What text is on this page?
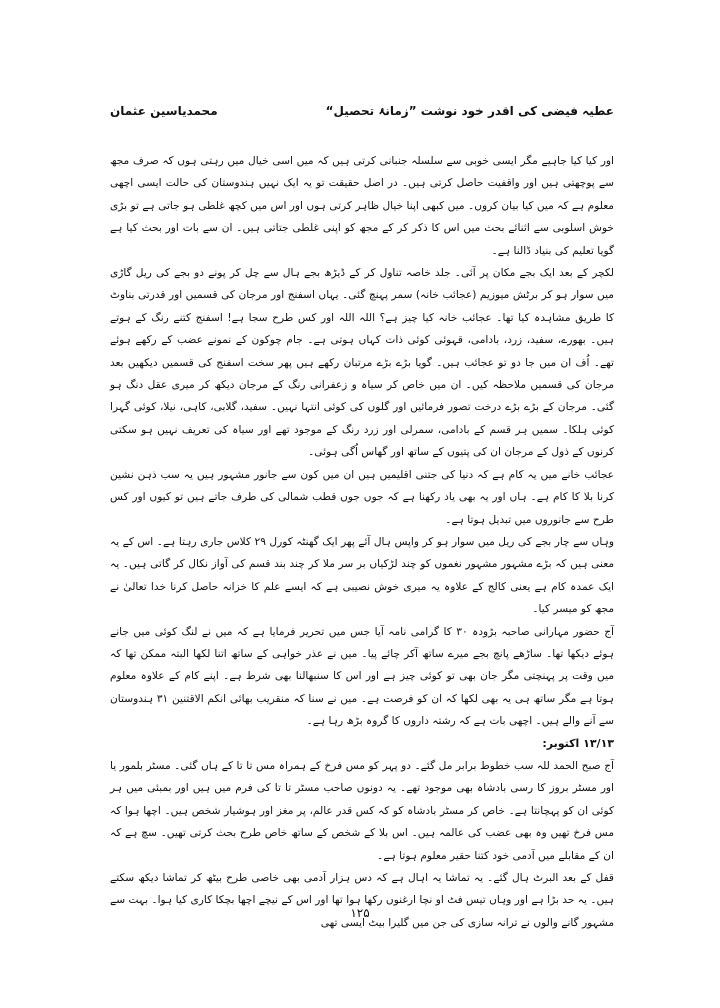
محمدیاسین عثمان	عطیہ فیضی کی اقدر خود نوشت ”زمانۂ تحصیل“

اور کیا کیا جاہیے مگر ایسی خوبی سے سلسلہ جنبانی کرتی ہیں کہ میں اسی خیال میں رہتی ہوں کہ صرف مجھ سے پوچھتی ہیں اور واقفیت حاصل کرتی ہیں۔ در اصل حقیقت تو یہ ایک نہیں ہندوستان کی حالت ایسی اچھی معلوم ہے کہ میں کیا بیان کروں۔ میں کبھی اپنا خیال ظاہر کرتی ہوں اور اس میں کچھ غلطی ہو جاتی ہے تو بڑی خوش اسلوبی سے اثنائے بحث میں اس کا ذکر کر کے مجھ کو اپنی غلطی جتاتی ہیں۔ ان سے بات اور بحث کیا ہے گویا تعلیم کی بنیاد ڈالنا ہے۔

لکچر کے بعد ایک بجے مکان پر آئی۔ جلد خاصہ تناول کر کے ڈیڑھ بجے ہال سے چل کر پونے دو بجے کی ریل گاڑی میں سوار ہو کر برٹش میوزیم (عجائب خانہ) سمر پہنچ گئی۔ یہاں اسفنج اور مرجان کی قسمیں اور قدرتی بناوٹ کا طریق مشاہدہ کیا تھا۔ عجائب خانہ کیا چیز ہے؟ اللہ اللہ اور کس طرح سجا ہے! اسفنج کتنے رنگ کے ہوتے ہیں۔ بھورے، سفید، زرد، بادامی، قہوئی کوئی ذات کہاں ہوتی ہے۔ جام چوکون کے نمونے عضب کے رکھے ہوئے تھے۔ اُف ان میں جا دو تو عجائب ہیں۔ گویا بڑے بڑے مرتبان رکھے ہیں پھر سخت اسفنج کی قسمیں دیکھیں بعد مرجان کی قسمیں ملاحظہ کیں۔ ان میں خاص کر سیاہ و زعفرانی رنگ کے مرجان دیکھ کر میری عقل دنگ ہو گئی۔ مرجان کے بڑے بڑے درخت تصور فرمائیں اور گلوں کی کوئی انتہا نہیں۔ سفید، گلابی، کاہی، نیلا، کوئی گہرا کوئی ہلکا۔ سمیں ہر قسم کے بادامی، سمرلی اور زرد رنگ کے موجود تھے اور سیاہ کی تعریف نہیں ہو سکتی کرنوں کے ذول کے مرجان ان کی پتیوں کے ساتھ اور گھاس اُگی ہوئی۔

عجائب خانے میں یہ کام ہے کہ دنیا کی جتنی اقلیمیں ہیں ان میں کون سے جانور مشہور ہیں یہ سب ذہن نشین کرنا بلا کا کام ہے۔ ہاں اور یہ بھی یاد رکھنا ہے کہ جوں جوں قطب شمالی کی طرف جاتے ہیں تو کیوں اور کس طرح سے جانوروں میں تبدیل ہوتا ہے۔

وہاں سے چار بجے کی ریل میں سوار ہو کر واپس ہال آئے پھر ایک گھنٹہ کورل ۲۹ کلاس جاری رہتا ہے۔ اس کے یہ معنی ہیں کہ بڑے مشہور مشہور نغموں کو چند لڑکیاں بر سر ملا کر چند بند قسم کی آواز نکال کر گاتی ہیں۔ یہ ایک عمدہ کام ہے یعنی کالج کے علاوہ یہ میری خوش نصیبی ہے کہ ایسے علم کا خزانہ حاصل کرنا خدا تعالیٰ نے مجھ کو میسر کیا۔

آج حضور مہارانی صاحبہ بڑودہ ۳۰ کا گرامی نامہ آیا جس میں تحریر فرمایا ہے کہ میں نے لنگ کوئی میں جانے ہوئے دیکھا تھا۔ ساڑھے پانچ بجے میرے ساتھ آکر چائے پیا۔ میں نے عذر خواہی کے ساتھ اتنا لکھا البتہ ممکن تھا کہ میں وقت پر پہنچتی مگر جان بھی تو کوئی چیز ہے اور اس کا سنبھالنا بھی شرط ہے۔ اپنے کام کے علاوہ معلوم ہوتا ہے مگر ساتھ ہی یہ بھی لکھا کہ ان کو فرصت ہے۔ میں نے سنا کہ منقریب بھائی انکم الاقتنین ۳۱ ہندوستان سے آنے والے ہیں۔ اچھی بات ہے کہ رشتہ داروں کا گروہ بڑھ رہا ہے۔

۱۳/۱۳ اکتوبر:

آج صبح الحمد للہ سب خطوط برابر مل گئے۔ دو پہر کو مس فرخ کے ہمراہ مس تا تا کے ہاں گئی۔ مسٹر بلمور یا اور مسٹر بروز کا رسی بادشاہ بھی موجود تھے۔ یہ دونوں صاحب مسٹر تا تا کی فرم میں ہیں اور بمبئی میں ہر کوئی ان کو پہچانتا ہے۔ خاص کر مسٹر بادشاہ کو کہ کس قدر عالم، پر مغز اور ہوشیار شخص ہیں۔ اچھا ہوا کہ مس فرخ تھیں وہ بھی عضب کی عالمہ ہیں۔ اس بلا کے شخص کے ساتھ خاص طرح بحث کرتی تھیں۔ سچ ہے کہ ان کے مقابلے میں آدمی خود کتنا حقیر معلوم ہوتا ہے۔

قفل کے بعد البرٹ ہال گئے۔ یہ تماشا یہ اہال ہے کہ دس ہزار آدمی بھی خاصی طرح بیٹھ کر تماشا دیکھ سکتے ہیں۔ یہ حد بڑا ہے اور وہاں تیس فٹ او نچا ارغنوں رکھا ہوا تھا اور اس کے نیچے اچھا بچکا کاری کیا ہوا۔ بہت سے مشہور گانے والوں نے ترانہ سازی کی جن میں گلیرا بیٹ ایسی تھی

۱۲۵
